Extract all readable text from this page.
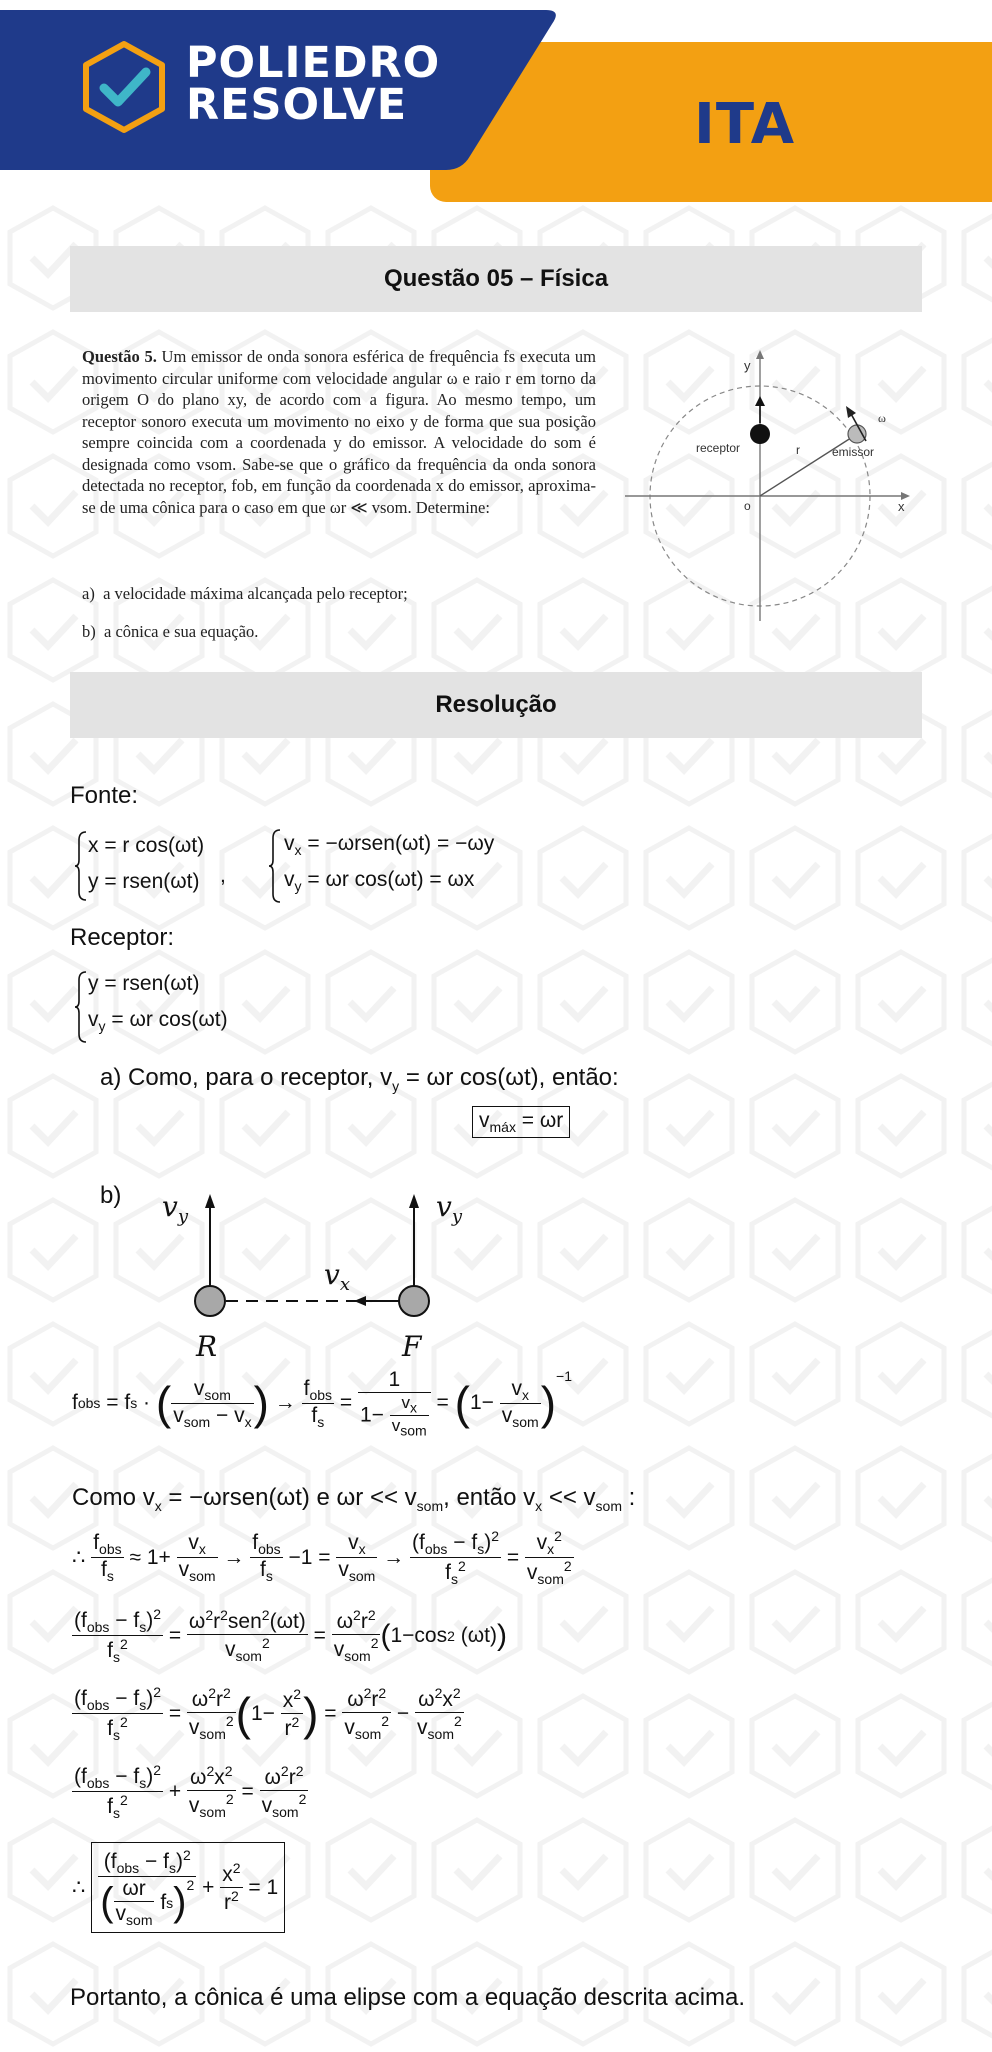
POLIEDRO
RESOLVE	ITA
Questão 05 – Física
Questão 5. Um emissor de onda sonora esférica de frequência fs executa um movimento circular uniforme com velocidade angular ω e raio r em torno da origem O do plano xy, de acordo com a figura. Ao mesmo tempo, um receptor sonoro executa um movimento no eixo y de forma que sua posição sempre coincida com a coordenada y do emissor. A velocidade do som é designada como vsom. Sabe-se que o gráfico da frequência da onda sonora detectada no receptor, fob, em função da coordenada x do emissor, aproxima-se de uma cônica para o caso em que ωr ≪ vsom. Determine:
a) a velocidade máxima alcançada pelo receptor;
b) a cônica e sua equação.
y
x
o
receptor	emissor
r
ω
Resolução
Fonte:
x = r cos(ωt)
y = rsen(ωt) ,
$v_x$ = −ωrsen(ωt) = −ωy
$v_y = \omega r$ cos(ωt) = ωx
Receptor:
y = rsen(ωt)
$v_y = \omega r$ cos(ωt)
a) Como, para o receptor, $v_y = \omega r$ cos(ωt), então:
$v_{máx} = \omega r$
b) $v_y$	$v_y$
$v_x$
R	F
f obs = f s · ( $\frac{v_{som}}{v_{som} - v_x}$ ) → $\frac{f_{obs}}{f_s} = \frac{1}{1- \frac{v_x}{v_{som}}}$ = ( $1- \frac{v_x}{v_{som}}$ )
$^{-1}$
Como $v_x$ = −ωrsen(ωt) e $\omega r << v_{som}$, então $v_x << v_{som}$ :
∴ $\frac{f_{obs}}{f_s} \approx 1+ \frac{v_x}{v_{som}} \to \frac{f_{obs}}{f_s} -1 = \frac{v_x}{v_{som}} \to \frac{(f_{obs} - f_s)^2}{f_s^2} = \frac{v_x^2}{v_{som}^2}$
$\frac{(f_{obs} - f_s)^2}{f_s^2} = \frac{\omega^2r^2sen^2(\omega t)}{v_{som}^2} = \frac{\omega^2r^2}{v_{som}^2}$ ( 1−cos 2 (ωt) )
$\frac{(f_{obs} - f_s)^2}{f_s^2} = \frac{\omega^2r^2}{v_{som}^2}$ ( $1- \frac{x^2}{r^2}$ ) = $\frac{\omega^2r^2}{v_{som}^2} - \frac{\omega^2x^2}{v_{som}^2}$
$\frac{(f_{obs} - f_s)^2}{f_s^2} + \frac{\omega^2x^2}{v_{som}^2} = \frac{\omega^2r^2}{v_{som}^2}$
∴ $\frac{(f_{obs} - f_s)^2}{( \frac{\omega r}{v_{som}} f s )^2} + \frac{x^2}{r^2} = 1$
Portanto, a cônica é uma elipse com a equação descrita acima.
